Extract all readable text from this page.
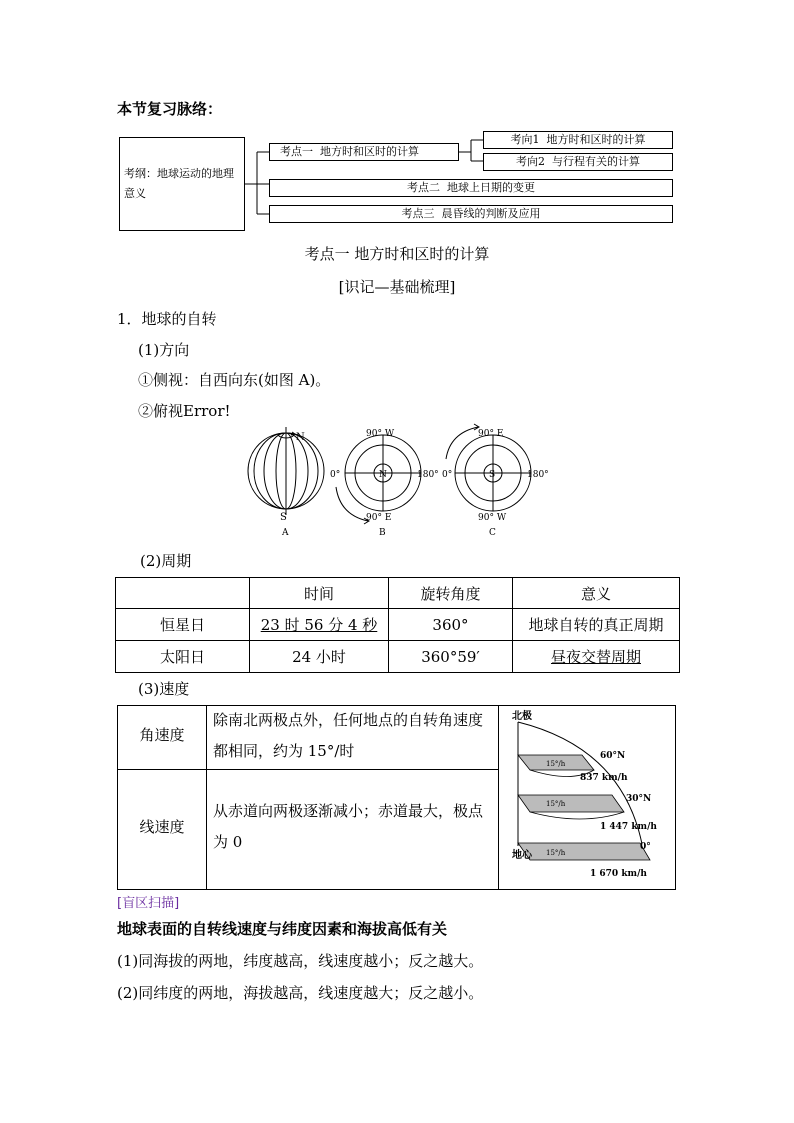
本节复习脉络：
考纲：地球运动的地理意义
考点一 地方时和区时的计算
考点二 地球上日期的变更
考点三 晨昏线的判断及应用
考向1 地方时和区时的计算
考向2 与行程有关的计算
考点一 地方时和区时的计算
[识记—基础梳理]
1．地球的自转
(1)方向
①侧视：自西向东(如图 A)。
②俯视Error!
N
S
A
90° W
90° E
0°	180°
N
B
90° E
90° W
0°	180°
S
C
(2)周期
	时间	旋转角度	意义
恒星日	23 时 56 分 4 秒	360°	地球自转的真正周期
太阳日	24 小时	360°59′	昼夜交替周期
(3)速度
角速度
除南北两极点外，任何地点的自转角速度都相同，约为 15°/时
线速度
从赤道向两极逐渐减小；赤道最大，极点为 0
北极
地心
60°N
30°N
0°
15°/h
15°/h
15°/h
837 km/h
1 447 km/h
1 670 km/h
[盲区扫描]
地球表面的自转线速度与纬度因素和海拔高低有关
(1)同海拔的两地，纬度越高，线速度越小；反之越大。
(2)同纬度的两地，海拔越高，线速度越大；反之越小。
